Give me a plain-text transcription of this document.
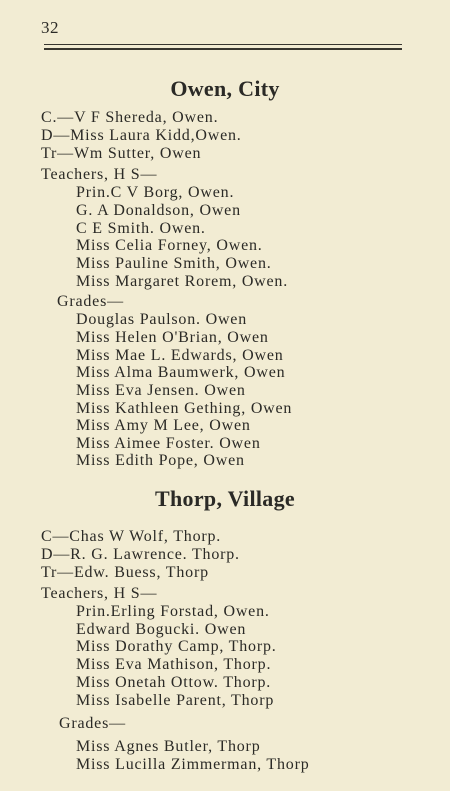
32
Owen, City
C.—V F Shereda, Owen.
D—Miss Laura Kidd,Owen.
Tr—Wm Sutter, Owen
Teachers, H S—
Prin.C V Borg, Owen.
G. A Donaldson, Owen
C E Smith. Owen.
Miss Celia Forney, Owen.
Miss Pauline Smith, Owen.
Miss Margaret Rorem, Owen.
Grades—
Douglas Paulson. Owen
Miss Helen O'Brian, Owen
Miss Mae L. Edwards, Owen
Miss Alma Baumwerk, Owen
Miss Eva Jensen. Owen
Miss Kathleen Gething, Owen
Miss Amy M Lee, Owen
Miss Aimee Foster. Owen
Miss Edith Pope, Owen
Thorp, Village
C—Chas W Wolf, Thorp.
D—R. G. Lawrence. Thorp.
Tr—Edw. Buess, Thorp
Teachers, H S—
Prin.Erling Forstad, Owen.
Edward Bogucki. Owen
Miss Dorathy Camp, Thorp.
Miss Eva Mathison, Thorp.
Miss Onetah Ottow. Thorp.
Miss Isabelle Parent, Thorp
Grades—
Miss Agnes Butler, Thorp
Miss Lucilla Zimmerman, Thorp
